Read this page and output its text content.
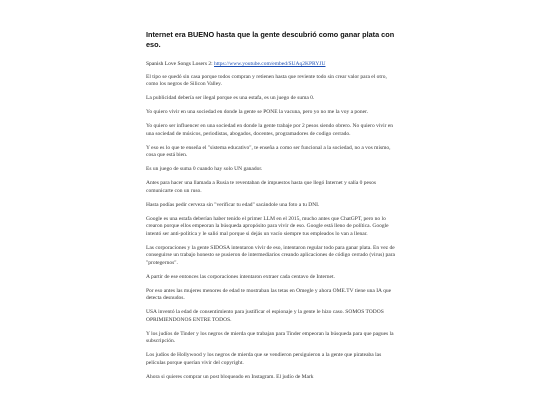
Internet era BUENO hasta que la gente descubrió como ganar plata con eso.

Spanish Love Songs Losers 2: https://www.youtube.com/embed/SUAq2KPRYJU

El tipo se quedó sin casa porque todos compran y retienen hasta que reviente todo sin crear valor para el otro, como los negros de Silicon Valley.

La publicidad debería ser ilegal porque es una estafa, es un juego de suma 0.

Yo quiero vivir en una sociedad en donde la gente se PONE la vacuna, pero yo no me la voy a poner.

Yo quiero ser influencer en una sociedad en donde la gente trabaje por 2 pesos siendo obrero. No quiero vivir en una sociedad de músicos, periodistas, abogados, docentes, programadores de codigo cerrado.

Y eso es lo que te enseña el "sistema educativo", te enseña a como ser funcional a la sociedad, no a vos mismo, cosa que está bien.

Es un juego de suma 0 cuando hay solo UN ganador.

Antes para hacer una llamada a Rusia te reventaban de impuestos hasta que llegó Internet y salía 0 pesos comunicarte con un ruso.

Hasta podías pedir cerveza sin "verificar tu edad" sacándole una foto a tu DNI.

Google es una estafa deberían haber tenido el primer LLM en el 2015, mucho antes que ChatGPT, pero no lo crearon porque ellos empeoran la búsqueda apropósito para vivir de eso. Google está lleno de política. Google intentó ser anti-política y le salió mal porque si dejás un vacío siempre tus empleados lo van a llenar.

Las corporaciones y la gente SIDOSA intentaron vivir de eso, intentaron regular todo para ganar plata. En vez de conseguirse un trabajo honesto se pusieron de intermediarios creando aplicaciones de código cerrado (virus) para "protegernos".

A partir de ese entonces las corporaciones intentaron extraer cada centavo de Internet.

Por eso antes las mujeres menores de edad te mostraban las tetas en Omegle y ahora OME.TV tiene una IA que detecta desnudos.

USA inventó la edad de consentimiento para justificar el espionaje y la gente le hizo caso. SOMOS TODOS OPRIMIENDONOS ENTRE TODOS.

Y los judíos de Tinder y los negros de mierda que trabajan para Tinder empeoran la búsqueda para que pagues la subscripción.

Los judíos de Hollywood y los negros de mierda que se vendieron persiguieron a la gente que pirateaba las películas porque querían vivir del copyright.

Ahora si quieres comprar un post bloqueado en Instagram. El judío de Mark
